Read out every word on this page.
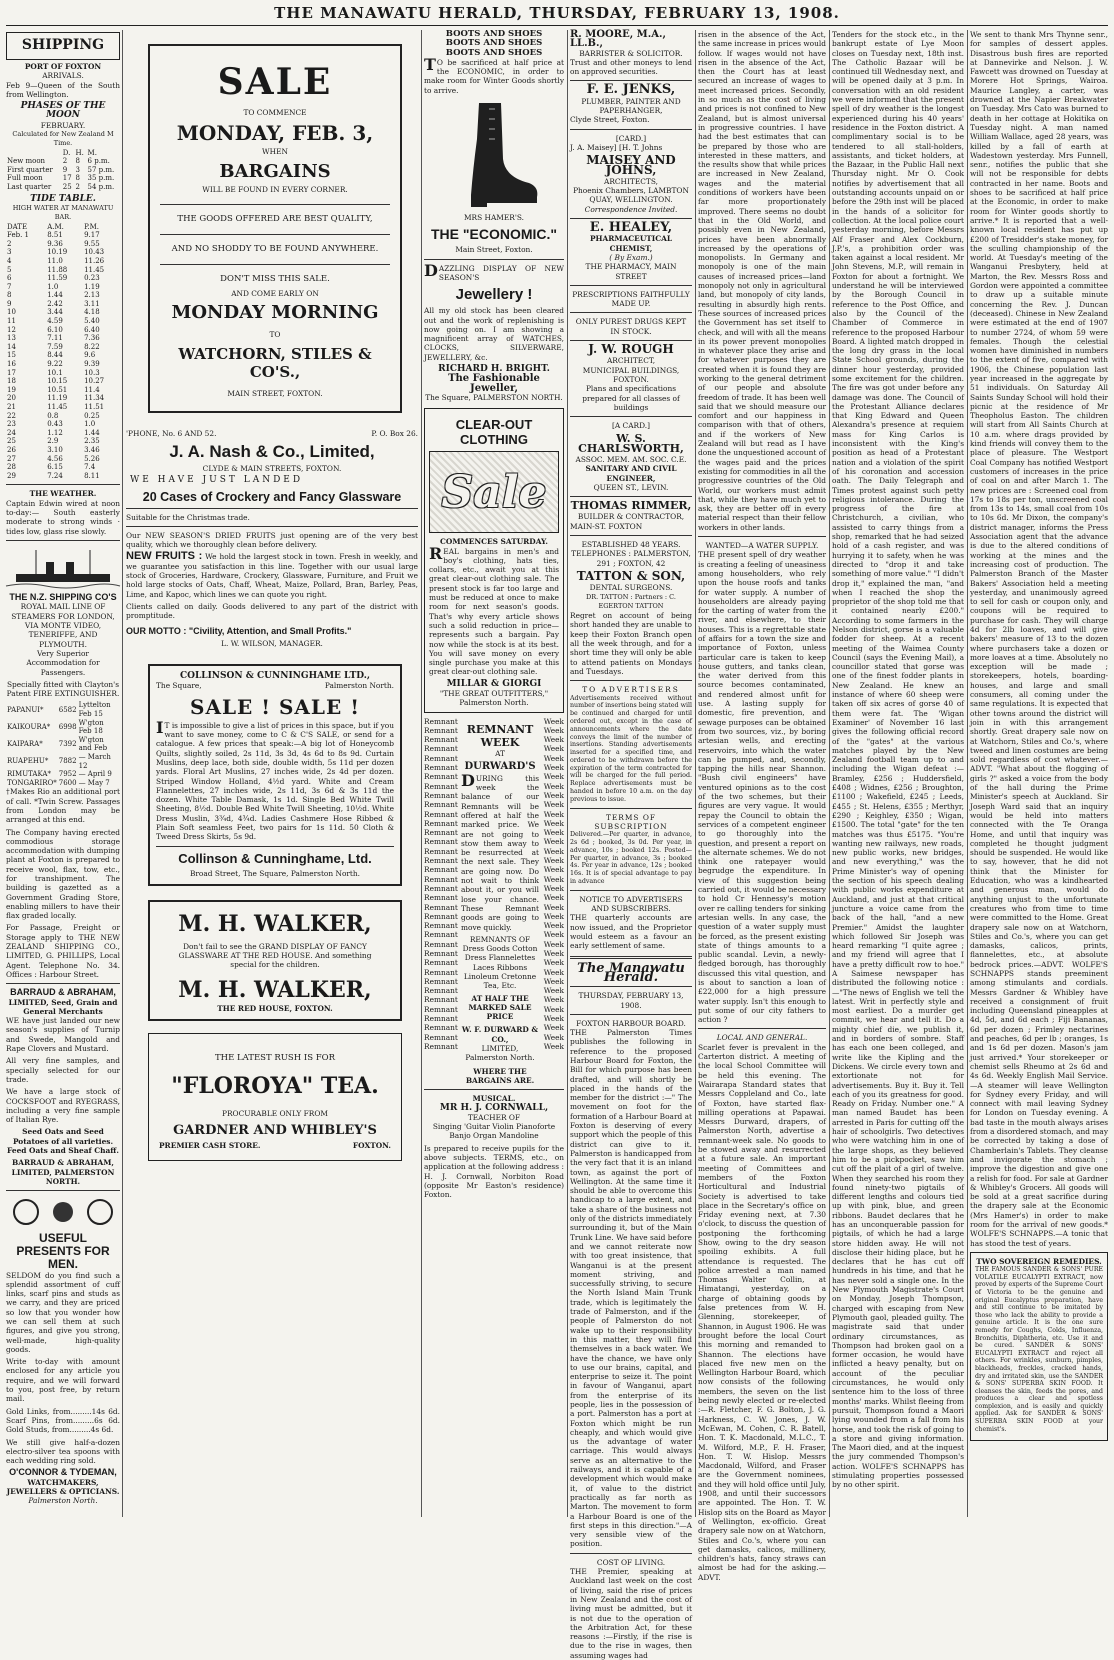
THE MANAWATU HERALD, THURSDAY, FEBRUARY 13, 1908.
SHIPPING
PORT OF FOXTON
ARRIVALS.

Feb 9—Queen of the South from Wellington.

PHASES OF THE MOON
FEBRUARY.
Calculated for New Zealand M Time.
	D.	H.	M.
New moon	2	8	6 p.m.
First quarter	9	3	57 p.m.
Full moon	17	8	35 p.m.
Last quarter	25	2	54 p.m.
TIDE TABLE.
HIGH WATER AT MANAWATU BAR.
DATE	A.M.	P.M.
Feb. 1	8.51	9.17
2	9.36	9.55
3	10.19	10.43
4	11.0	11.26
5	11.88	11.45
6	11.59	0.23
7	1.0	1.19
8	1.44	2.13
9	2.42	3.11
10	3.44	4.18
11	4.59	5.40
12	6.10	6.40
13	7.11	7.36
14	7.59	8.22
15	8.44	9.6
16	9.22	9.39
17	10.1	10.3
18	10.15	10.27
19	10.51	11.4
20	11.19	11.34
21	11.45	11.51
22	0.8	0.25
23	0.43	1.0
24	1.12	1.44
25	2.9	2.35
26	3.10	3.46
27	4.56	5.26
28	6.15	7.4
29	7.24	8.11
THE WEATHER.

Captain Edwin wired at noon to-day:— South easterly moderate to strong winds · tides low, glass rise slowly.

THE N.Z. SHIPPING CO'S
ROYAL MAIL LINE OF STEAMERS FOR LONDON, VIA MONTE VIDEO, TENERIFFE, AND PLYMOUTH.

Very Superior Accommodation for Passengers.

Specially fitted with Clayton's Patent FIRE EXTINGUISHER.

PAPANUI*	6582	Lyttelton Feb 15
KAIKOURA*	6998	W'gton Feb 18
KAIPARA*	7392	W'gton and Feb
RUAPEHU*	7882	— March 12
RIMUTAKA*	7952	— April 9
TONGARIRO*	7600	— May 7

†Makes Rio an additional port of call. *Twin Screw. Passages from London may be arranged at this end.

The Company having erected commodious storage accommodation with dumping plant at Foxton is prepared to receive wool, flax, tow, etc., for transhipment. The building is gazetted as a Government Grading Store, enabling millers to have their flax graded locally.

For Passage, Freight or Storage apply to THE NEW ZEALAND SHIPPING CO., LIMITED, G. PHILLIPS, Local Agent. Telephone No. 34. Offices : Harbour Street.

BARRAUD & ABRAHAM,
LIMITED, Seed, Grain and General Merchants

WE have just landed our new season's supplies of Turnip and Swede, Mangold and Rape Clovers and Mustard.

All very fine samples, and specially selected for our trade.

We have a large stock of COCKSFOOT and RYEGRASS, including a very fine sample of Italian Rye.

Seed Oats and Seed Potatoes of all varieties. Feed Oats and Sheaf Chaff.

BARRAUD & ABRAHAM, LIMITED, PALMERSTON NORTH.

USEFUL PRESENTS FOR MEN.

SELDOM do you find such a splendid assortment of cuff links, scarf pins and studs as we carry, and they are priced so low that you wonder how we can sell them at such figures, and give you strong, well-made, high-quality goods.

Write to-day with amount enclosed for any article you require, and we will forward to you, post free, by return mail.

Gold Links, from.........14s 6d. Scarf Pins, from.........6s 6d. Gold Studs, from.........4s 6d.

We still give half-a-dozen electro-silver tea spoons with each wedding ring sold.

O'CONNOR & TYDEMAN,
WATCHMAKERS, JEWELLERS & OPTICIANS.
Palmerston North.
SALE
TO COMMENCE
MONDAY, FEB. 3,
WHEN
BARGAINS
WILL BE FOUND IN EVERY CORNER.
THE GOODS OFFERED ARE BEST QUALITY,
AND NO SHODDY TO BE FOUND ANYWHERE.
DON'T MISS THIS SALE.
AND COME EARLY ON
MONDAY MORNING
TO
WATCHORN, STILES & CO'S.,
MAIN STREET, FOXTON.
'PHONE, No. 6 AND 52.	P. O. Box 26.
J. A. Nash & Co., Limited,
CLYDE & MAIN STREETS, FOXTON.
WE HAVE JUST LANDED
20 Cases of Crockery and Fancy Glassware

Suitable for the Christmas trade.

Our NEW SEASON'S DRIED FRUITS just opening are of the very best quality, which we thoroughly clean before delivery.

NEW FRUITS : We hold the largest stock in town. Fresh in weekly, and we guarantee you satisfaction in this line. Together with our usual large stock of Groceries, Hardware, Crockery, Glassware, Furniture, and Fruit we hold large stocks of Oats, Chaff, Wheat, Maize, Pollard, Bran, Barley, Peas, Lime, and Kapoc, which lines we can quote you right.

Clients called on daily. Goods delivered to any part of the district with promptitude.

OUR MOTTO : "Civility, Attention, and Small Profits."

L. W. WILSON, MANAGER.

COLLINSON & CUNNINGHAME LTD.,
The Square,	Palmerston North.
SALE ! SALE !

IT is impossible to give a list of prices in this space, but if you want to save money, come to C & C'S SALE, or send for a catalogue. A few prices that speak:—A big lot of Honeycomb Quilts, slightly soiled, 2s 11d, 3s 3d, 4s 6d to 8s 9d. Curtain Muslins, deep lace, both side, double width, 5s 11d per dozen yards. Floral Art Muslins, 27 inches wide, 2s 4d per dozen. Striped Window Holland, 4½d yard. White and Cream Flannelettes, 27 inches wide, 2s 11d, 3s 6d & 3s 11d the dozen. White Table Damask, 1s 1d. Single Bed White Twill Sheeting, 8½d. Double Bed White Twill Sheeting, 10½d. White Dress Muslin, 3¾d, 4¾d. Ladies Cashmere Hose Ribbed & Plain Soft seamless Feet, two pairs for 1s 11d. 50 Cloth & Tweed Dress Skirts, 5s 9d.

Collinson & Cunninghame, Ltd.
Broad Street, The Square, Palmerston North.
M. H. WALKER,

Don't fail to see the GRAND DISPLAY OF FANCY GLASSWARE AT THE RED HOUSE. And something special for the children.

M. H. WALKER,
THE RED HOUSE, FOXTON.
THE LATEST RUSH IS FOR
"FLOROYA" TEA.
PROCURABLE ONLY FROM
GARDNER AND WHIBLEY'S
PREMIER CASH STORE.	FOXTON.
BOOTS AND SHOES
BOOTS AND SHOES
BOOTS AND SHOES

TO be sacrificed at half price at the ECONOMIC, in order to make room for Winter Goods shortly to arrive.

MRS HAMER'S.
THE "ECONOMIC."
Main Street, Foxton.

DAZZLING DISPLAY OF NEW SEASON'S

Jewellery !

All my old stock has been cleared out and the work of replenishing is now going on. I am showing a magnificent array of WATCHES, CLOCKS, SILVERWARE, JEWELLERY, &c.

RICHARD H. BRIGHT.
The Fashionable Jeweller,
The Square, PALMERSTON NORTH.
CLEAR-OUT CLOTHING
Sale
COMMENCES SATURDAY.

REAL bargains in men's and boy's clothing, hats ties, collars, etc., await you at this great clear-out clothing sale. The present stock is far too large and must be reduced at once to make room for next season's goods. That's why every article shows such a solid reduction in price—represents such a bargain. Pay now while the stock is at its best. You will save money on every single purchase you make at this great clear-out clothing sale.

MILLAR & GIORGI
"THE GREAT OUTFITTERS,"
Palmerston North.
Remnant
Remnant
Remnant
Remnant
Remnant
Remnant
Remnant
Remnant
Remnant
Remnant
Remnant
Remnant
Remnant
Remnant
Remnant
Remnant
Remnant
Remnant
Remnant
Remnant
Remnant
Remnant
Remnant
Remnant
Remnant
Remnant
Remnant
Remnant
Remnant
Remnant
Remnant
Remnant
Remnant
Remnant
Remnant
Remnant
REMNANT
WEEK
AT
DURWARD'S

DURING this week the balance of our Remnants will be offered at half the marked price. We are not going to stow them away to be resurrected at the next sale. They are going now. Do not wait to think about it, or you will lose your chance. These Remnant goods are going to move quickly.

REMNANTS OF Dress Goods Cotton Dress Flannelettes Laces Ribbons Linoleum Cretonne Tea, Etc.

AT HALF THE MARKED SALE PRICE
W. F. DURWARD & CO.,
LIMITED,
Palmerston North.
WHERE THE BARGAINS ARE.
Week
Week
Week
Week
Week
Week
Week
Week
Week
Week
Week
Week
Week
Week
Week
Week
Week
Week
Week
Week
Week
Week
Week
Week
Week
Week
Week
Week
Week
Week
Week
Week
Week
Week
Week
Week
MUSICAL.
MR H. J. CORNWALL,
TEACHER OF

Singing 'Guitar Violin Pianoforte Banjo Organ Mandoline

Is prepared to receive pupils for the above subjects. TERMS, etc., on application at the following address : H. J. Cornwall, Norbiton Road (opposite Mr Easton's residence) Foxton.

R. MOORE, M.A., LL.B.,
BARRISTER & SOLICITOR.

Trust and other moneys to lend on approved securities.

F. E. JENKS,
PLUMBER, PAINTER AND PAPERHANGER,
Clyde Street, Foxton.
[CARD.]
J. A. Maisey] [H. T. Johns
MAISEY AND JOHNS,
ARCHITECTS,
Phoenix Chambers, LAMBTON QUAY, WELLINGTON.
Correspondence Invited.
E. HEALEY,
PHARMACEUTICAL CHEMIST,
( By Exam.)
THE PHARMACY, MAIN STREET
PRESCRIPTIONS FAITHFULLY MADE UP.
ONLY PUREST DRUGS KEPT IN STOCK.
J. W. ROUGH
ARCHITECT,
MUNICIPAL BUILDINGS, FOXTON.

Plans and specifications prepared for all classes of buildings

[A CARD.]
W. S. CHARLSWORTH,
ASSOC. MEM. AM. SOC. C.E.
SANITARY AND CIVIL ENGINEER,
QUEEN ST., LEVIN.
THOMAS RIMMER,
BUILDER & CONTRACTOR,
MAIN-ST. FOXTON
ESTABLISHED 48 YEARS.
TELEPHONES : PALMERSTON, 291 ; FOXTON, 42
TATTON & SON,
DENTAL SURGEONS.
DR. TATTON : Partners : C. EGERTON TATTON

Regret on account of being short handed they are unable to keep their Foxton Branch open all the week through, and for a short time they will only be able to attend patients on Mondays and Tuesdays.

TO ADVERTISERS

Advertisements received without number of insertions being stated will be continued and charged for until ordered out, except in the case of announcements where the date conveys the limit of the number of insertions. Standing advertisements inserted for a specified time, and ordered to be withdrawn before the expiration of the term contracted for will be charged for the full period. Replace advertisements must be handed in before 10 a.m. on the day previous to issue.

TERMS OF SUBSCRIPTION

Delivered.—Per quarter, in advance, 2s 6d ; booked, 3s 0d. Per year, in advance, 10s ; booked 12s. Posted—Per quarter, in advance, 3s ; booked 4s. Per year in advance, 12s ; booked 16s. It is of special advantage to pay in advance

NOTICE TO ADVERTISERS AND SUBSCRIBERS.

THE quarterly accounts are now issued, and the Proprietor would esteem as a favour an early settlement of same.

The Manawatu Herald.
THURSDAY, FEBRUARY 13, 1908.
FOXTON HARBOUR BOARD.

THE Palmerston Times publishes the following in reference to the proposed Harbour Board for Foxton, the Bill for which purpose has been drafted, and will shortly be placed in the hands of the member for the district :—" The movement on foot for the formation of a Harbour Board at Foxton is deserving of every support which the people of this district can give to it. Palmerston is handicapped from the very fact that it is an inland town, as against the port of Wellington. At the same time it should be able to overcome this handicap to a large extent, and take a share of the business not only of the districts immediately surrounding it, but of the Main Trunk Line. We have said before and we cannot reiterate now with too great insistence, that Wanganui is at the present moment striving, and successfully striving, to secure the North Island Main Trunk trade, which is legitimately the trade of Palmerston, and if the people of Palmerston do not wake up to their responsibility in this matter, they will find themselves in a back water. We have the chance, we have only to use our brains, capital, and enterprise to seize it. The point in favour of Wanganui, apart from the enterprise of its people, lies in the possession of a port. Palmerston has a port at Foxton which might be run cheaply, and which would give us the advantage of water carriage. This would always serve as an alternative to the railways, and it is capable of a development which would make it, of value to the district practically as far north as Marton. The movement to form a Harbour Board is one of the first steps in this direction."—A very sensible view of the position.

COST OF LIVING.

THE Premier, speaking at Auckland last week on the cost of living, said the rise of prices in New Zealand and the cost of living must be admitted, but it is not due to the operation of the Arbitration Act, for these reasons :—Firstly, if the rise is due to the rise in wages, then assuming wages had

risen in the absence of the Act, the same increase in prices would follow. If wages would not have risen in the absence of the Act, then the Court has at least secured an increase of wages to meet increased prices. Secondly, in so much as the cost of living and prices is not confined to New Zealand, but is almost universal in progressive countries. I have had the best estimates that can be prepared by those who are interested in these matters, and the results show that while prices are increased in New Zealand, wages and the material conditions of workers have been far more proportionately improved. There seems no doubt that in the Old World, and possibly even in New Zealand, prices have been abnormally increased by the operations of monopolists. In Germany and monopoly is one of the main causes of increased prices—land monopoly not only in agricultural land, but monopoly of city lands, resulting in absurdly high rents. These sources of increased prices the Government has set itself to check, and will with all the means in its power prevent monopolies in whatever place they arise and for whatever purposes they are created when it is found they are working to the general detriment of our people and absolute freedom of trade. It has been well said that we should measure our comfort and our happiness in comparison with that of others, and if the workers of New Zealand will but read as I have done the unquestioned account of the wages paid and the prices existing for commodities in all the progressive countries of the Old World, our workers must admit that, while they have much yet to ask, they are better off in every material respect than their fellow workers in other lands.

WANTED—A WATER SUPPLY.

THE present spell of dry weather is creating a feeling of uneasiness among householders, who rely upon the house roofs and tanks for water supply. A number of householders are already paying for the carting of water from the river, and elsewhere, to their houses. This is a regrettable state of affairs for a town the size and importance of Foxton, unless particular care is taken to keep house gutters, and tanks clean, the water derived from this source becomes contaminated, and rendered almost unfit for use. A lasting supply for domestic, fire prevention, and sewage purposes can be obtained from two sources, viz., by boring artesian wells, and erecting reservoirs, into which the water can be pumped, and, secondly, tapping the hills near Shannon. "Bush civil engineers" have ventured opinions as to the cost of the two schemes, but their figures are very vague. It would repay the Council to obtain the services of a competent engineer to go thoroughly into the question, and present a report on the alternate schemes. We do not think one ratepayer would begrudge the expenditure. In view of this suggestion being carried out, it would be necessary to hold Cr Hennessy's motion over re calling tenders for sinking artesian wells. In any case, the question of a water supply must be forced, as the present existing state of things amounts to a public scandal. Levin, a newly-fledged borough, has thoroughly discussed this vital question, and is about to sanction a loan of £22,000 for a high pressure water supply. Isn't this enough to put some of our city fathers to action ?

LOCAL AND GENERAL.

Scarlet fever is prevalent in the Carterton district. A meeting of the local School Committee will be held this evening. The Wairarapa Standard states that Messrs Coppleland and Co., late of Foxton, have started flax-milling operations at Papawai. Messrs Durward, drapers, of Palmerston North, advertise a remnant-week sale. No goods to be stowed away and resurrected at a future sale. An important meeting of Committees and members of the Foxton Horticultural and Industrial Society is advertised to take place in the Secretary's office on Friday evening next, at 7.30 o'clock, to discuss the question of postponing the forthcoming Show, owing to the dry season spoiling exhibits. A full attendance is requested. The police arrested a man named Thomas Walter Collin, at Himatangi, yesterday, on a charge of obtaining goods by false pretences from W. H. Glenning, storekeeper, of Shannon, in August 1906. He was brought before the local Court this morning and remanded to Shannon. The elections have placed five new men on the Wellington Harbour Board, which now consists of the following members, the seven on the list being newly elected or re-elected :—R. Fletcher, F. G. Bolton, J. G. Harkness, C. W. Jones, J. W. McEwan, M. Cohen, C. R. Batell, Hon. T. K. Macdonald, M.L.C., T. M. Wilford, M.P., F. H. Fraser, Hon. T. W. Hislop. Messrs Macdonald, Wilford, and Fraser are the Government nominees, and they will hold office until July, 1908, and until their successors are appointed. The Hon. T. W. Hislop sits on the Board as Mayor of Wellington, ex-officio. Great drapery sale now on at Watchorn, Stiles and Co.'s, where you can get damasks, calicos, millinery, children's hats, fancy straws can almost be had for the asking.—ADVT.

Tenders for the stock etc., in the bankrupt estate of Lye Moon closes on Tuesday next, 18th inst. The Catholic Bazaar will be continued till Wednesday next, and will be opened daily at 3 p.m. In conversation with an old resident we were informed that the present spell of dry weather is the longest experienced during his 40 years' residence in the Foxton district. A complimentary social is to be tendered to all stall-holders, assistants, and ticket holders, at the Bazaar, in the Public Hall next Thursday night. Mr O. Cook notifies by advertisement that all outstanding accounts unpaid on or before the 29th inst will be placed in the hands of a solicitor for collection. At the local police court yesterday morning, before Messrs Alf Fraser and Alex Cockburn, J.P.'s, a prohibition order was taken against a local resident. Mr John Stevens, M.P., will remain in Foxton for about a fortnight. We understand he will be interviewed by the Borough Council in reference to the Post Office, and also by the Council of the Chamber of Commerce in reference to the proposed Harbour Board. A lighted match dropped in the long dry grass in the local State School grounds, during the dinner hour yesterday, provided some excitement for the children. The fire was got under before any damage was done. The Council of the Protestant Alliance declares that King Edward and Queen Alexandra's presence at requiem mass for King Carlos is inconsistent with the King's position as head of a Protestant nation and a violation of the spirit of his coronation and accession oath. The Daily Telegraph and Times protest against such petty religious intolerance. During the progress of the fire at Christchurch, a civilian, who assisted to carry things from a shop, remarked that he had seized hold of a cash register, and was hurrying it to safety, when he was directed to "drop it and take something of more value." "I didn't drop it," explained the man, "and when I reached the shop the proprietor of the shop told me that it contained nearly £200." According to some farmers in the Nelson district, gorse is a valuable fodder for sheep. At a recent meeting of the Waimea County Council (says the Evening Mail), a councillor stated that gorse was one of the finest fodder plants in New Zealand. He knew an instance of where 60 sheep were taken off six acres of gorse 40 of them were fat. The 'Wigan Examiner' of November 16 last gives the following official record of the "gates" at the various matches played by the New Zealand football team up to and including the Wigan defeat :—Bramley, £256 ; Huddersfield, £408 ; Widnes, £256 ; Broughton, £1100 ; Wakefield, £245 ; Leeds, £455 ; St. Helens, £355 ; Merthyr, £290 ; Keighley, £350 ; Wigan, £1500. The total "gate" for the ten matches was thus £5175. "You're wanting new railways, new roads, new public works, new bridges, and new everything," was the Prime Minister's way of opening the section of his speech dealing with public works expenditure at Auckland, and just at that critical juncture a voice came from the back of the hall, "and a new Premier." Amidst the laughter which followed Sir Joseph was heard remarking "I quite agree ; and my friend will agree that I have a pretty difficult row to hoe." A Saimese newspaper has distributed the following notice :—"The news of English we tell the latest. Writ in perfectly style and most earliest. Do a murder get commit, we hear and tell it. Do a mighty chief die, we publish it, and in borders of sombre. Staff has each one been colleged, and write like the Kipling and the Dickens. We circle every town and extortionate not for advertisements. Buy it. Buy it. Tell each of you its greatness for good. Ready on Friday. Number one." A man named Baudet has been arrested in Paris for cutting off the hair of schoolgirls. Two detectives who were watching him in one of the large shops, as they believed him to be a pickpocket, saw him cut off the plait of a girl of twelve. When they searched his room they found ninety-two pigtails of different lengths and colours tied up with pink, blue, and green ribbons. Baudet declares that he has an unconquerable passion for pigtails, of which he had a large store hidden away. He will not disclose their hiding place, but he declares that he has cut off hundreds in his time, and that he has never sold a single one. In the New Plymouth Magistrate's Court on Monday, Joseph Thompson, charged with escaping from New Plymouth gaol, pleaded guilty. The magistrate said that under ordinary circumstances, as Thompson had broken gaol on a former occasion, he would have inflicted a heavy penalty, but on account of the peculiar circumstances, he would only sentence him to the loss of three months' marks. Whilst fleeing from pursuit, Thompson found a Maori lying wounded from a fall from his horse, and took the risk of going to a store and giving information. The Maori died, and at the inquest the jury commended Thompson's action. WOLFE'S SCHNAPPS has stimulating properties possessed by no other spirit.

We sent to thank Mrs Thynne senr., for samples of dessert apples. Disastrous bush fires are reported at Dannevirke and Nelson. J. W. Fawcett was drowned on Tuesday at Morere Hot Springs, Wairoa. Maurice Langley, a carter, was drowned at the Napier Breakwater on Tuesday. Mrs Cato was burned to death in her cottage at Hokitika on Tuesday night. A man named William Wallace, aged 28 years, was killed by a fall of earth at Wadestown yesterday. Mrs Funnell, senr., notifies the public that she will not be responsible for debts contracted in her name. Boots and shoes to be sacrificed at half price at the Economic, in order to make room for Winter goods shortly to arrive.* It is reported that a well-known local resident has put up £200 of Tresidder's stake money, for the sculling championship of the world. At Tuesday's meeting of the Wanganui Presbytery, held at Marton, the Rev. Messrs Ross and Gordon were appointed a committee to draw up a suitable minute concerning the Rev. J. Duncan (deceased). Chinese in New Zealand were estimated at the end of 1907 to number 2724, of whom 59 were females. Though the celestial women have diminished in numbers to the extent of five, compared with 1906, the Chinese population last year increased in the aggregate by 51 individuals. On Saturday All Saints Sunday School will hold their picnic at the residence of Mr Theopholus Easton. The children will start from All Saints Church at 10 a.m. where drags provided by kind friends will convey them to the place of pleasure. The Westport Coal Company has notified Westport customers of increases in the price of coal on and after March 1. The new prices are : Screened coal from 17s to 18s per ton, unscreened coal from 13s to 14s, small coal from 10s to 10s 6d. Mr Dixon, the company's district manager, informs the Press Association agent that the advance is due to the altered conditions of working at the mines and the increasing cost of production. The Palmerston Branch of the Master Bakers' Association held a meeting yesterday, and unanimously agreed to sell for cash or coupon only, and coupons will be required to purchase for cash. They will charge 4d for 2lb loaves, and will give bakers' measure of 13 to the dozen where purchasers take a dozen or more loaves at a time. Absolutely no exception will be made ; storekeepers, hotels, boarding-houses, and large and small consumers, all coming under the same regulations. It is expected that other towns around the district will join in with this arrangement shortly. Great drapery sale now on at Watchorn, Stiles and Co.'s, where tweed and linen costumes are being sold regardless of cost whatever.—ADVT. "What about the flogging of girls ?" asked a voice from the body of the hall during the Prime Minister's speech at Auckland. Sir Joseph Ward said that an inquiry would be held into matters connected with the Te Oranga Home, and until that inquiry was completed he thought judgment should be suspended. He would like to say, however, that he did not think that the Minister for Education, who was a kindhearted and generous man, would do anything unjust to the unfortunate creatures who from time to time were committed to the Home. Great drapery sale now on at Watchorn, Stiles and Co.'s, where you can get damasks, calicos, prints, flannelettes, etc., at absolute bedrock prices.—ADVT. WOLFE'S SCHNAPPS stands preeminent among stimulants and cordials. Messrs Gardner & Whibley have received a consignment of fruit including Queensland pineapples at 4d, 5d, and 6d each ; Fiji Bananas, 6d per dozen ; Frimley nectarines and peaches, 6d per lb ; oranges, 1s and 1s 6d per dozen. Mason's jam just arrived.* Your storekeeper or chemist sells Rheumo at 2s 6d and 4s 6d. Weekly English Mail Service.—A steamer will leave Wellington for Sydney every Friday, and will connect with mail leaving Sydney for London on Tuesday evening. A bad taste in the mouth always arises from a disordered stomach, and may be corrected by taking a dose of Chamberlain's Tablets. They cleanse and invigorate the stomach ; improve the digestion and give one a relish for food. For sale at Gardner & Whibley's Grocers. All goods will be sold at a great sacrifice during the drapery sale at the Economic (Mrs Hamer's) in order to make room for the arrival of new goods.* WOLFE'S SCHNAPPS.—A tonic that has stood the test of years.

TWO SOVEREIGN REMEDIES.

THE FAMOUS SANDER & SONS' PURE VOLATILE EUCALYPTI EXTRACT, now proved by experts of the Supreme Court of Victoria to be the genuine and original Eucalyptus preparation, have and still continue to be imitated by those who lack the ability to provide a genuine article. It is the one sure remedy for Coughs, Colds, Influenza, Bronchitis, Diphtheria, etc. Use it and be cured. SANDER & SONS' EUCALYPTI EXTRACT and reject all others. For wrinkles, sunburn, pimples, blackheads, freckles, cracked hands, dry and irritated skin, use the SANDER & SONS' SUPERBA SKIN FOOD. It cleanses the skin, feeds the pores, and produces a clear and spotless complexion, and is easily and quickly applied. Ask for SANDER & SONS' SUPERBA SKIN FOOD at your chemist's.
